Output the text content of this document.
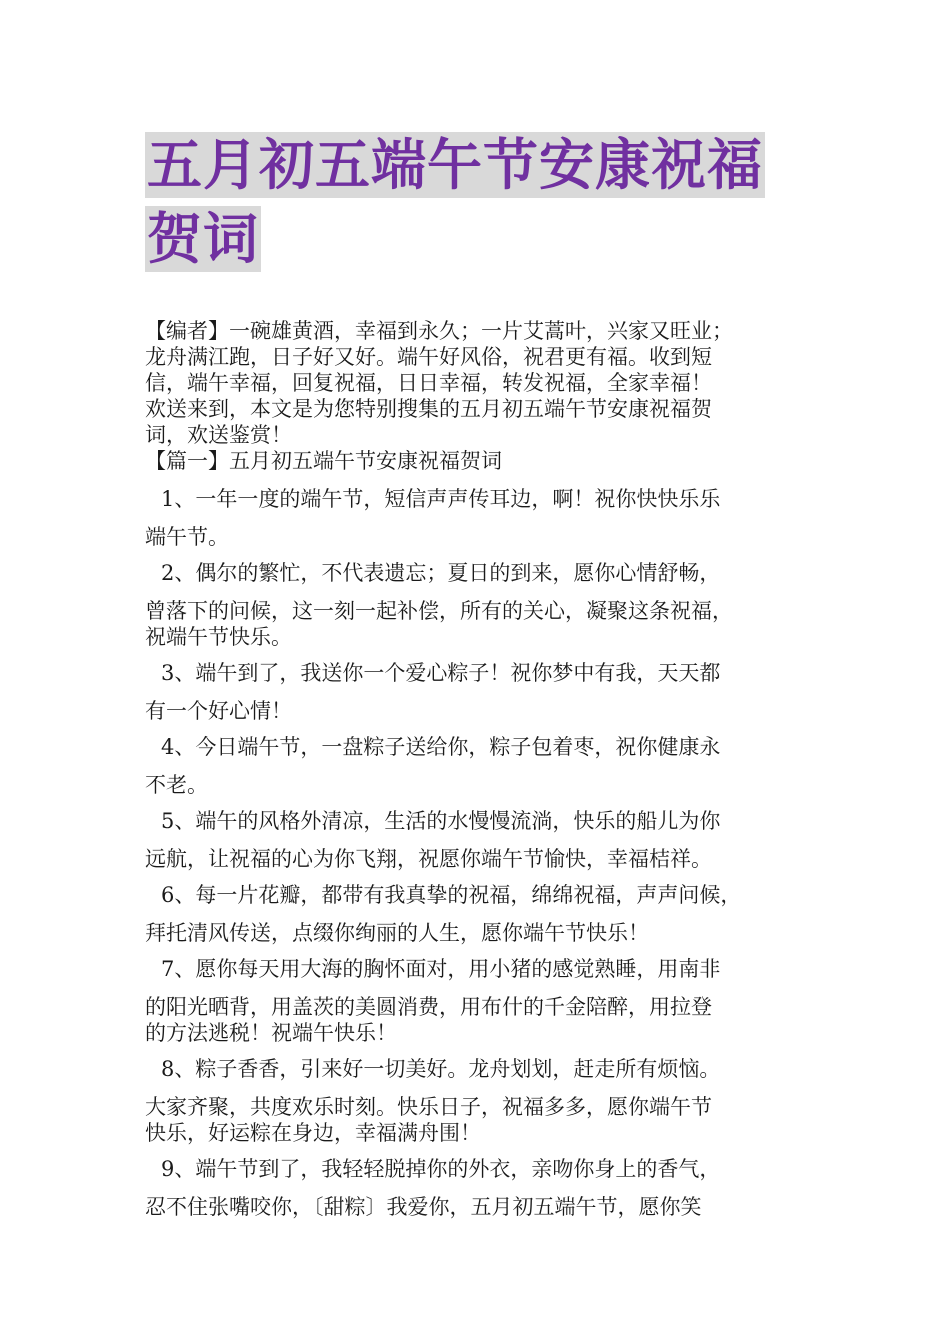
五月初五端午节安康祝福
贺词

【编者】一碗雄黄酒，幸福到永久；一片艾蒿叶，兴家又旺业；
龙舟满江跑，日子好又好。端午好风俗，祝君更有福。收到短
信，端午幸福，回复祝福，日日幸福，转发祝福，全家幸福！
欢送来到，本文是为您特别搜集的五月初五端午节安康祝福贺
词，欢送鉴赏！

【篇一】五月初五端午节安康祝福贺词

1、一年一度的端午节，短信声声传耳边，啊！祝你快快乐乐
端午节。

2、偶尔的繁忙，不代表遗忘；夏日的到来，愿你心情舒畅，
曾落下的问候，这一刻一起补偿，所有的关心，凝聚这条祝福，
祝端午节快乐。

3、端午到了，我送你一个爱心粽子！祝你梦中有我，天天都
有一个好心情！

4、今日端午节，一盘粽子送给你，粽子包着枣，祝你健康永
不老。

5、端午的风格外清凉，生活的水慢慢流淌，快乐的船儿为你
远航，让祝福的心为你飞翔，祝愿你端午节愉快，幸福桔祥。

6、每一片花瓣，都带有我真挚的祝福，绵绵祝福，声声问候，
拜托清风传送，点缀你绚丽的人生，愿你端午节快乐！

7、愿你每天用大海的胸怀面对，用小猪的感觉熟睡，用南非
的阳光晒背，用盖茨的美圆消费，用布什的千金陪醉，用拉登
的方法逃税！祝端午快乐！

8、粽子香香，引来好一切美好。龙舟划划，赶走所有烦恼。
大家齐聚，共度欢乐时刻。快乐日子，祝福多多，愿你端午节
快乐，好运粽在身边，幸福满舟围！

9、端午节到了，我轻轻脱掉你的外衣，亲吻你身上的香气，
忍不住张嘴咬你，〔甜粽〕我爱你，五月初五端午节，愿你笑
